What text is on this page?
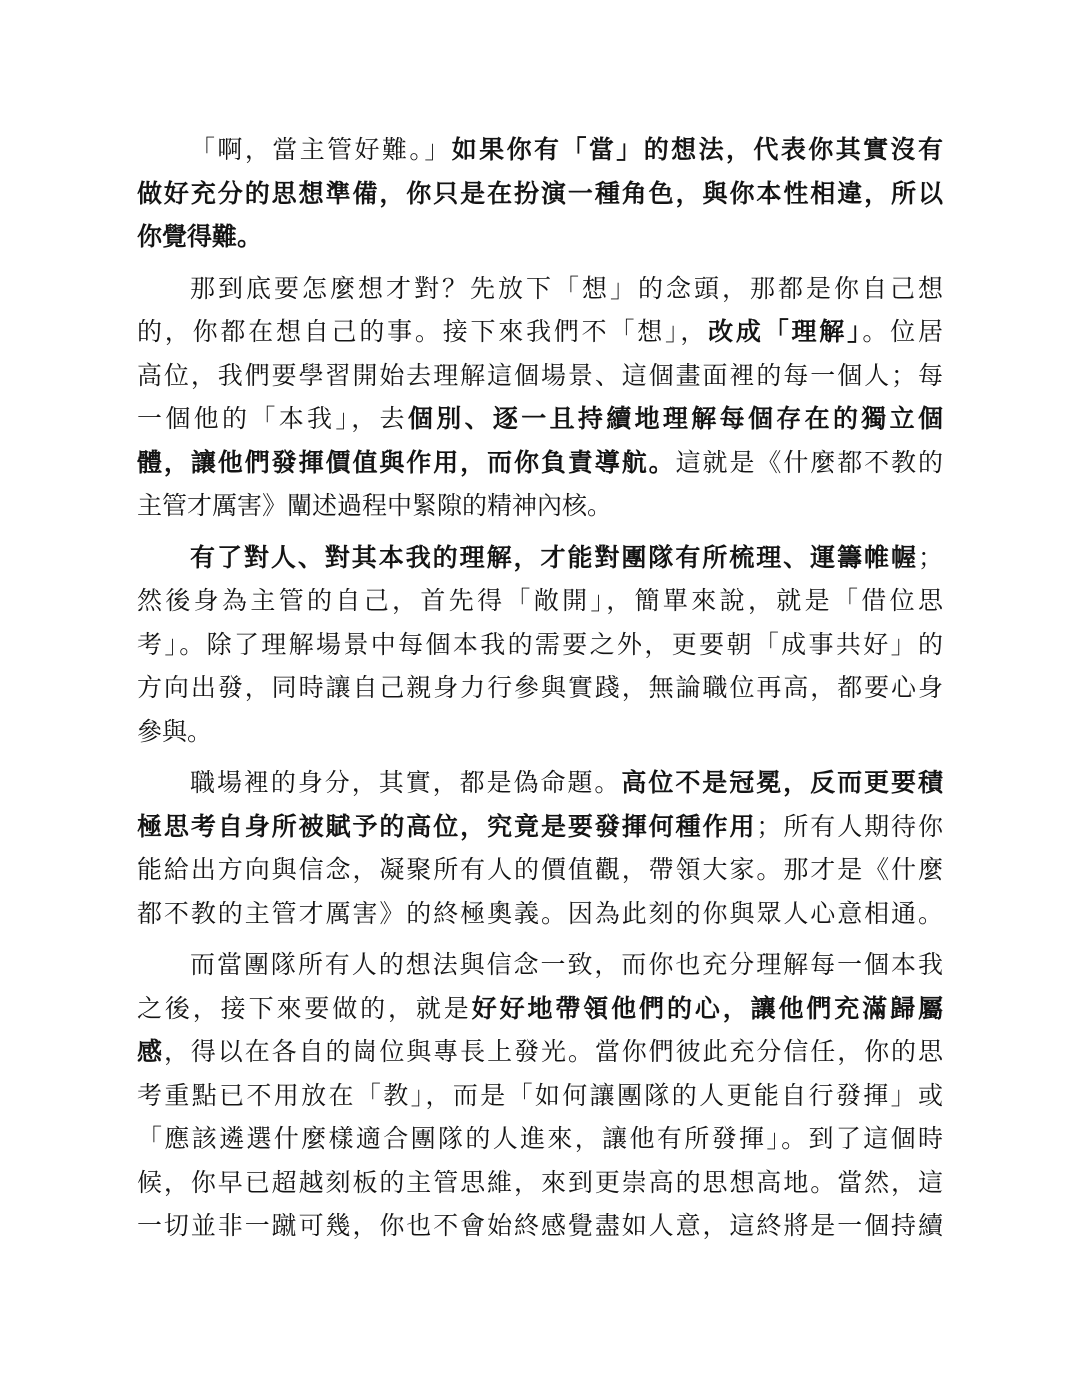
「啊，當主管好難。」如果你有「當」的想法，代表你其實沒有
做好充分的思想準備，你只是在扮演一種角色，與你本性相違，所以
你覺得難。
那到底要怎麼想才對？先放下「想」的念頭，那都是你自己想
的，你都在想自己的事。接下來我們不「想」，改成「理解」。位居
高位，我們要學習開始去理解這個場景、這個畫面裡的每一個人；每
一個他的「本我」，去個別、逐一且持續地理解每個存在的獨立個
體，讓他們發揮價值與作用，而你負責導航。這就是《什麼都不教的
主管才厲害》闡述過程中緊隙的精神內核。
有了對人、對其本我的理解，才能對團隊有所梳理、運籌帷幄；
然後身為主管的自己，首先得「敞開」，簡單來說，就是「借位思
考」。除了理解場景中每個本我的需要之外，更要朝「成事共好」的
方向出發，同時讓自己親身力行參與實踐，無論職位再高，都要心身
參與。
職場裡的身分，其實，都是偽命題。高位不是冠冕，反而更要積
極思考自身所被賦予的高位，究竟是要發揮何種作用；所有人期待你
能給出方向與信念，凝聚所有人的價值觀，帶領大家。那才是《什麼
都不教的主管才厲害》的終極奧義。因為此刻的你與眾人心意相通。
而當團隊所有人的想法與信念一致，而你也充分理解每一個本我
之後，接下來要做的，就是好好地帶領他們的心，讓他們充滿歸屬
感，得以在各自的崗位與專長上發光。當你們彼此充分信任，你的思
考重點已不用放在「教」，而是「如何讓團隊的人更能自行發揮」或
「應該遴選什麼樣適合團隊的人進來，讓他有所發揮」。到了這個時
候，你早已超越刻板的主管思維，來到更崇高的思想高地。當然，這
一切並非一蹴可幾，你也不會始終感覺盡如人意，這終將是一個持續
